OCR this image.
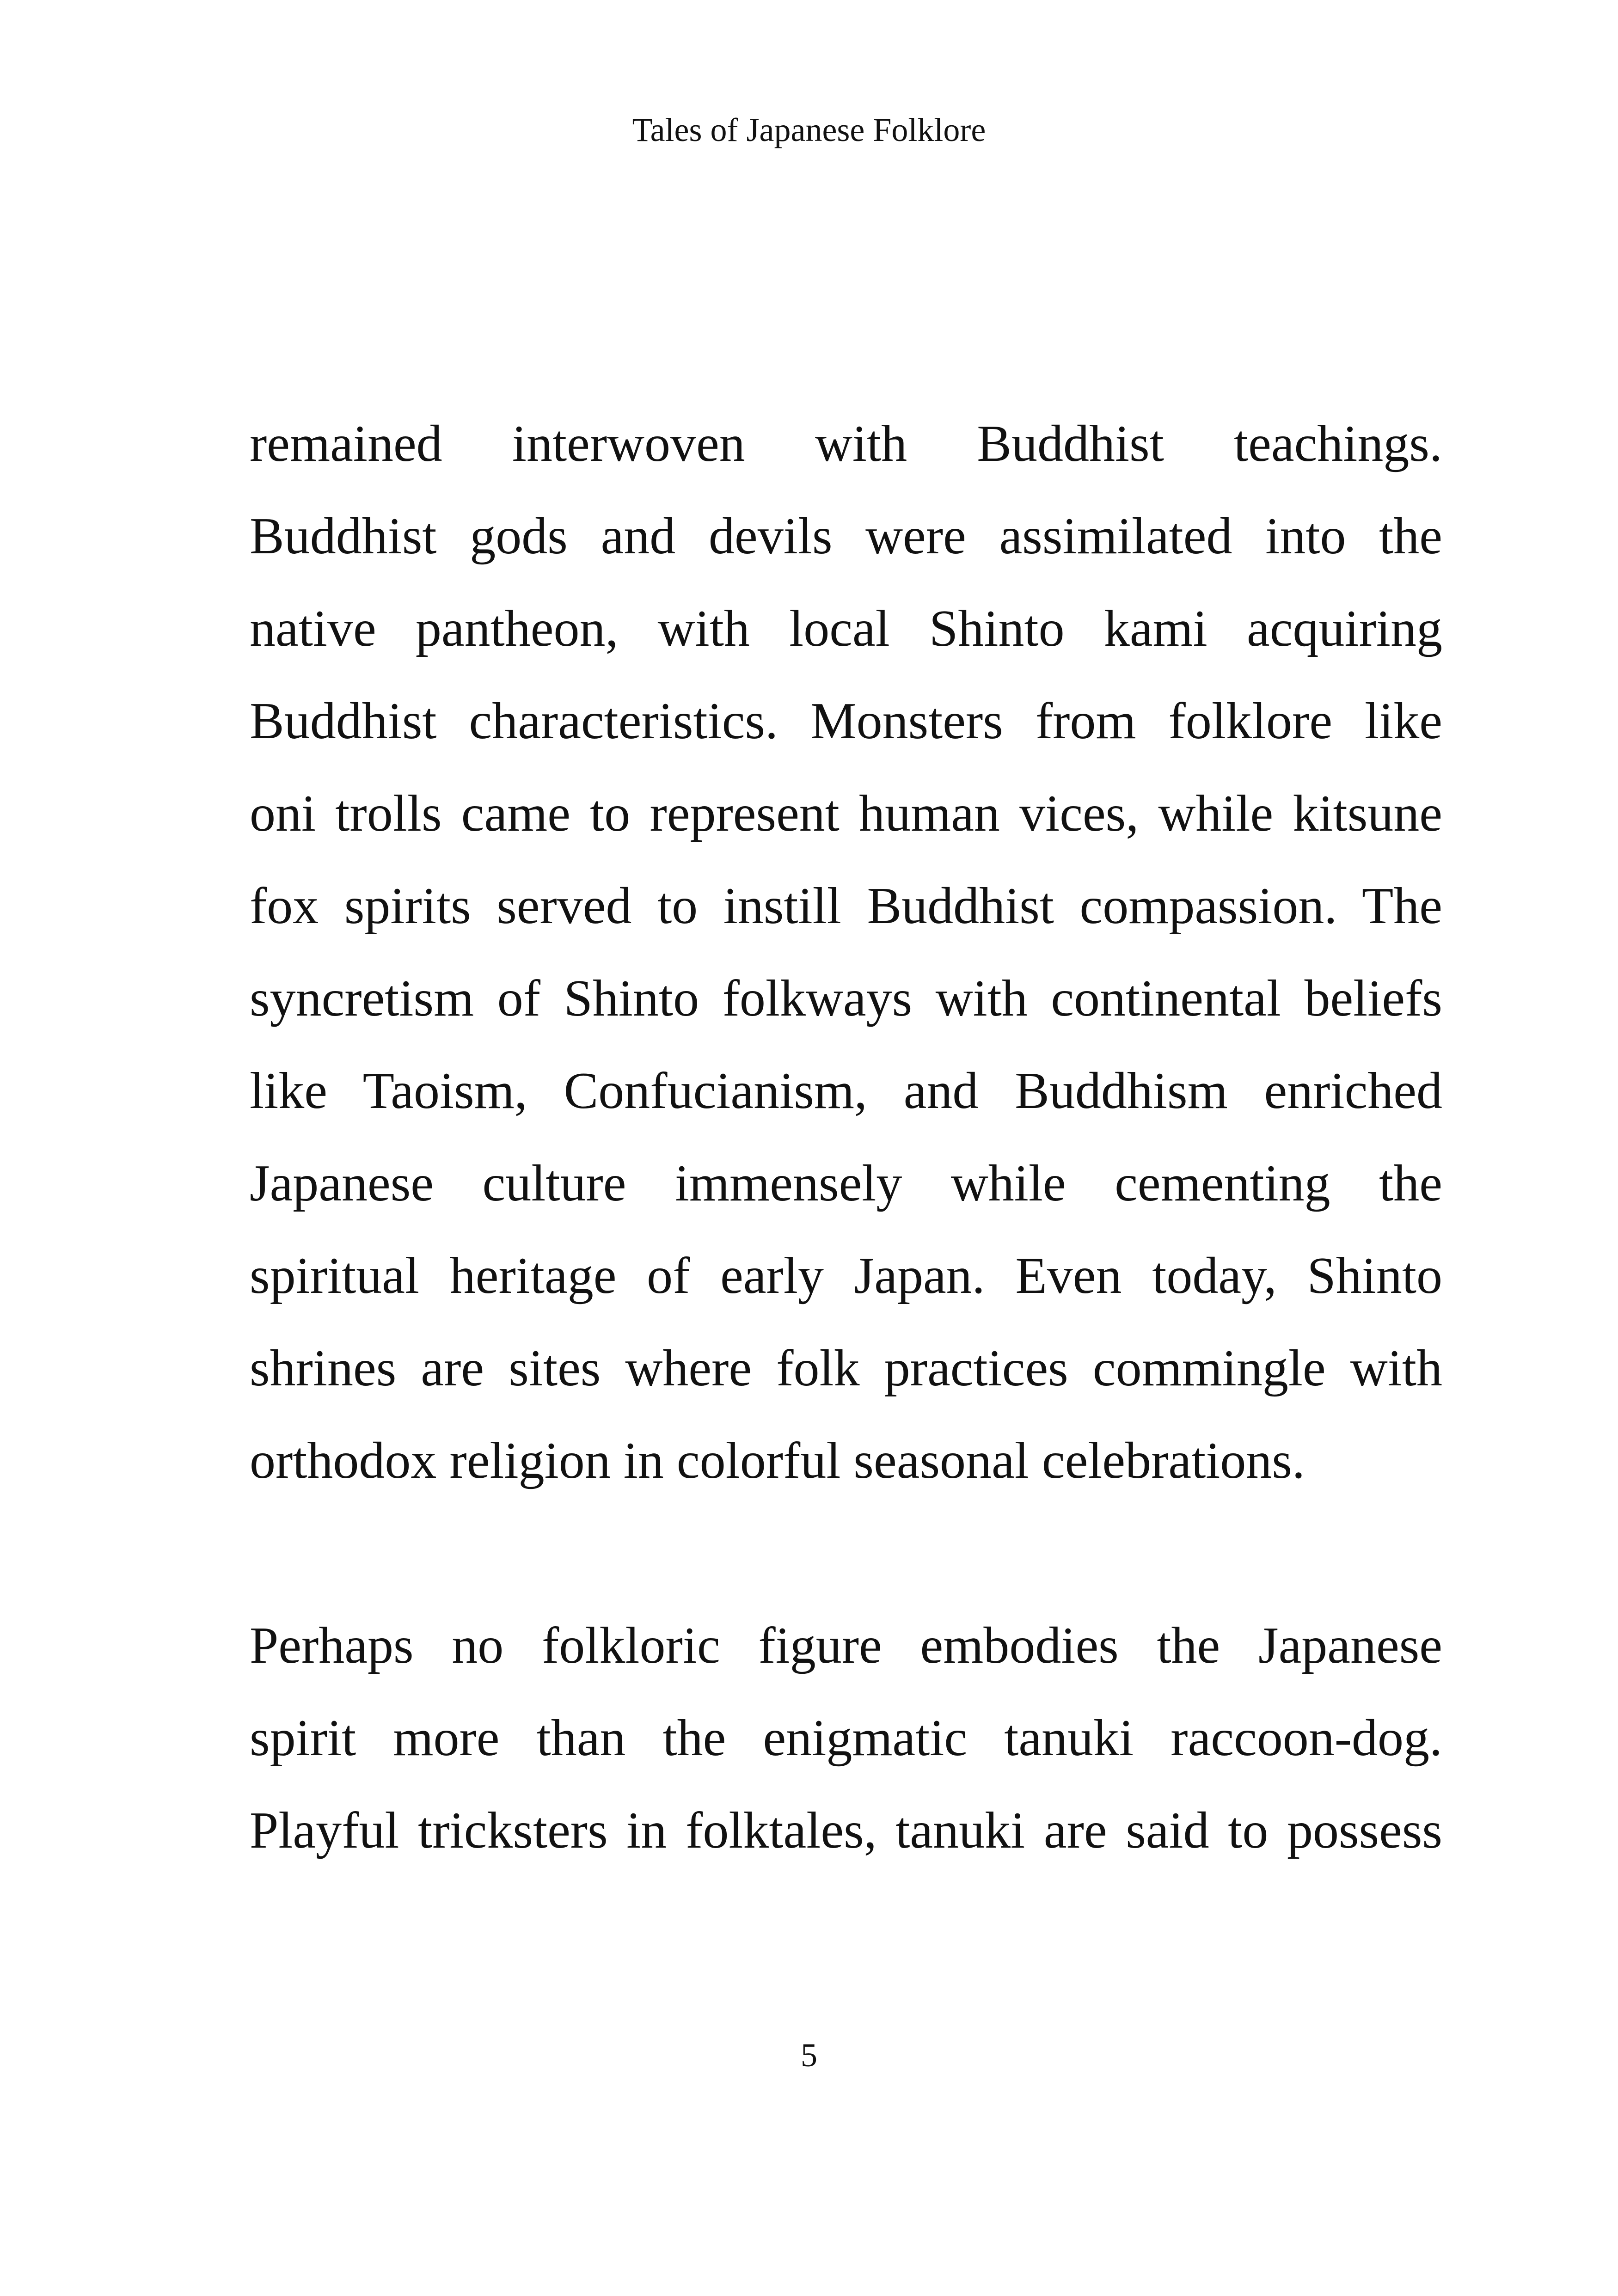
Tales of Japanese Folklore

remained interwoven with Buddhist teachings.
Buddhist gods and devils were assimilated into the
native pantheon, with local Shinto kami acquiring
Buddhist characteristics. Monsters from folklore like
oni trolls came to represent human vices, while kitsune
fox spirits served to instill Buddhist compassion. The
syncretism of Shinto folkways with continental beliefs
like Taoism, Confucianism, and Buddhism enriched
Japanese culture immensely while cementing the
spiritual heritage of early Japan. Even today, Shinto
shrines are sites where folk practices commingle with
orthodox religion in colorful seasonal celebrations.

Perhaps no folkloric figure embodies the Japanese
spirit more than the enigmatic tanuki raccoon-dog.
Playful tricksters in folktales, tanuki are said to possess

5
